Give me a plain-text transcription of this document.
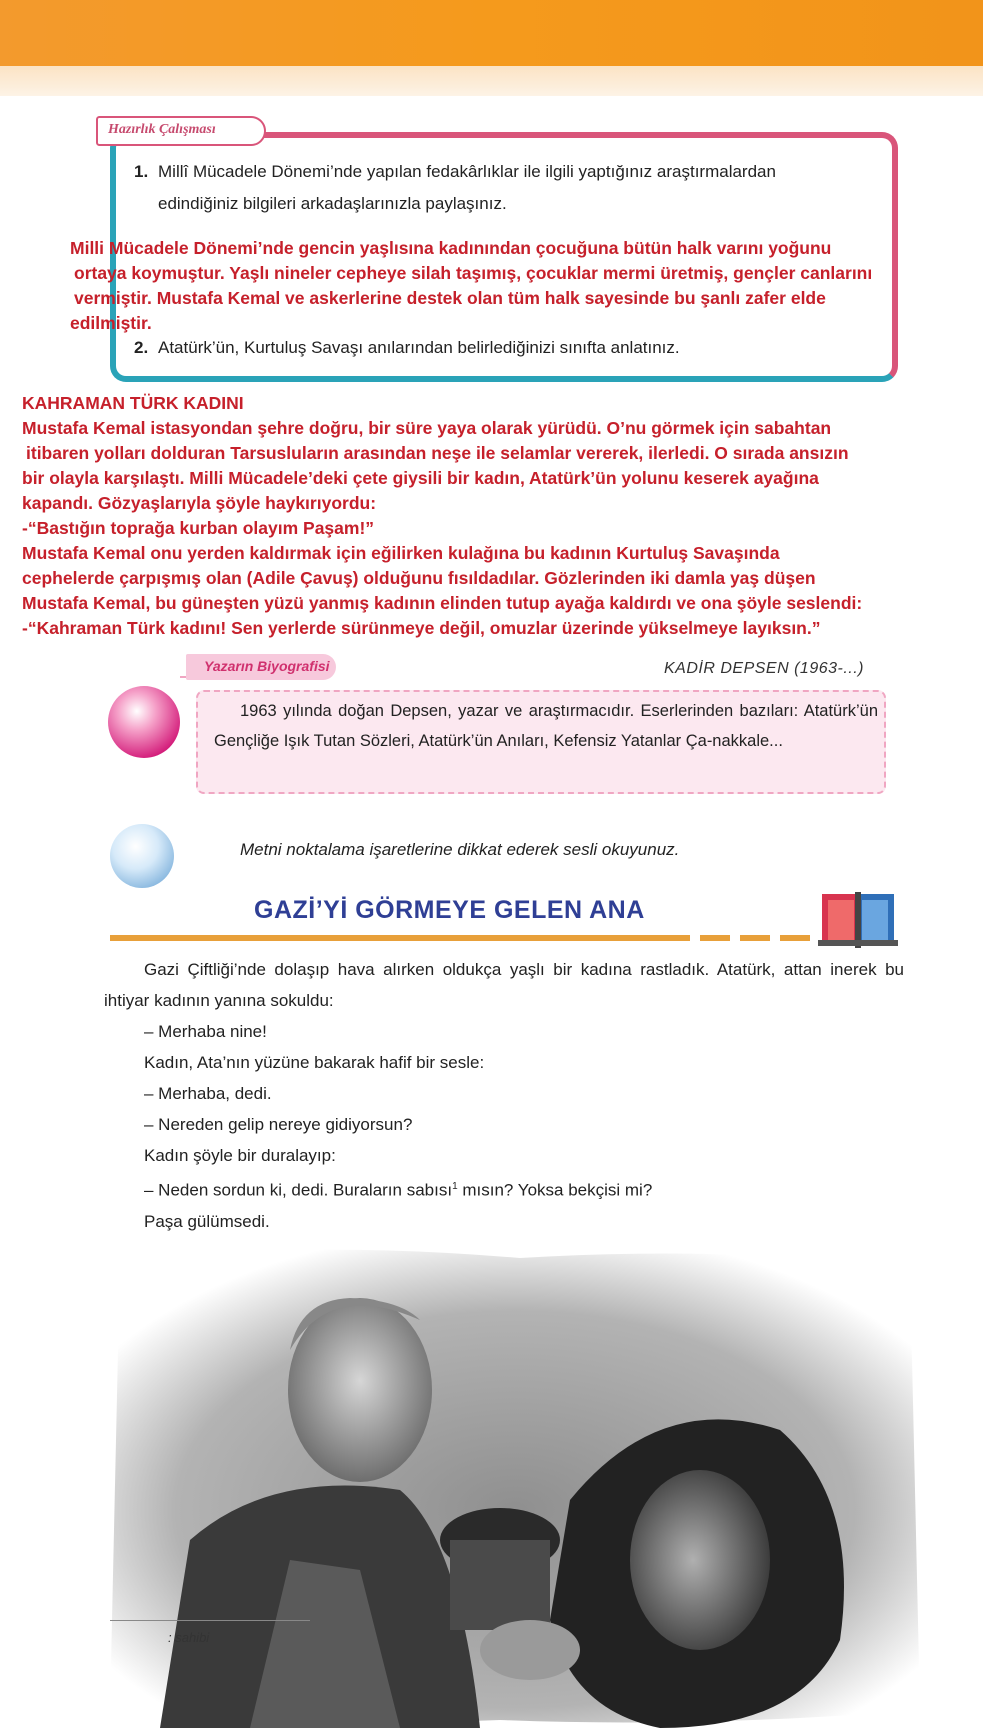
Hazırlık Çalışması
1. Millî Mücadele Dönemi’nde yapılan fedakârlıklar ile ilgili yaptığınız araştırmalardan
edindiğiniz bilgileri arkadaşlarınızla paylaşınız.
Milli Mücadele Dönemi’nde gencin yaşlısına kadınından çocuğuna bütün halk varını yoğunu
ortaya koymuştur. Yaşlı nineler cepheye silah taşımış, çocuklar mermi üretmiş, gençler canlarını
vermiştir. Mustafa Kemal ve askerlerine destek olan tüm halk sayesinde bu şanlı zafer elde
edilmiştir.
2. Atatürk’ün, Kurtuluş Savaşı anılarından belirlediğinizi sınıfta anlatınız.
KAHRAMAN TÜRK KADINI
Mustafa Kemal istasyondan şehre doğru, bir süre yaya olarak yürüdü. O’nu görmek için sabahtan
itibaren yolları dolduran Tarsusluların arasından neşe ile selamlar vererek, ilerledi. O sırada ansızın
bir olayla karşılaştı. Milli Mücadele’deki çete giysili bir kadın, Atatürk’ün yolunu keserek ayağına
kapandı. Gözyaşlarıyla şöyle haykırıyordu:
-“Bastığın toprağa kurban olayım Paşam!”
Mustafa Kemal onu yerden kaldırmak için eğilirken kulağına bu kadının Kurtuluş Savaşında
cephelerde çarpışmış olan (Adile Çavuş) olduğunu fısıldadılar. Gözlerinden iki damla yaş düşen
Mustafa Kemal, bu güneşten yüzü yanmış kadının elinden tutup ayağa kaldırdı ve ona şöyle seslendi:
-“Kahraman Türk kadını! Sen yerlerde sürünmeye değil, omuzlar üzerinde yükselmeye layıksın.”
Yazarın Biyografisi	KADİR DEPSEN (1963-...)
1963 yılında doğan Depsen, yazar ve araştırmacıdır. Eserlerinden bazıları: Atatürk’ün Gençliğe Işık Tutan Sözleri, Atatürk’ün Anıları, Kefensiz Yatanlar Ça-nakkale...
Metni noktalama işaretlerine dikkat ederek sesli okuyunuz.
GAZİ’Yİ GÖRMEYE GELEN ANA

Gazi Çiftliği’nde dolaşıp hava alırken oldukça yaşlı bir kadına rastladık. Atatürk, attan inerek bu ihtiyar kadının yanına sokuldu:

– Merhaba nine!

Kadın, Ata’nın yüzüne bakarak hafif bir sesle:

– Merhaba, dedi.

– Nereden gelip nereye gidiyorsun?

Kadın şöyle bir duralayıp:

– Neden sordun ki, dedi. Buraların sabısı$^1$ mısın? Yoksa bekçisi mi?

Paşa gülümsedi.

: sahibi
